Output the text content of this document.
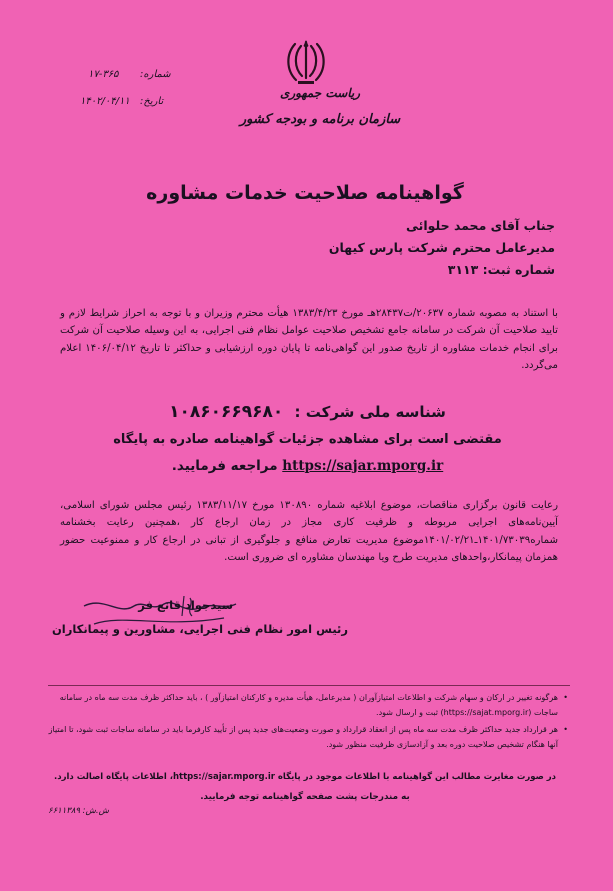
ریاست جمهوری
سازمان برنامه و بودجه کشور
شماره:
۱۷-۳۶۵
تاریخ:
۱۴۰۲/۰۴/۱۱
گواهینامه صلاحیت خدمات مشاوره
جناب آقای محمد حلوائی
مدیرعامل محترم شرکت پارس کیهان
شماره ثبت: ۳۱۱۳
با استناد به مصوبه شماره ۲۰۶۳۷/ت۲۸۴۳۷هـ مورخ ۱۳۸۳/۴/۲۳ هیأت محترم وزیران و با توجه به احراز شرایط لازم و تایید صلاحیت آن شرکت در سامانه جامع تشخیص صلاحیت عوامل نظام فنی اجرایی، به این وسیله صلاحیت آن شرکت برای انجام خدمات مشاوره از تاریخ صدور این گواهی‌نامه تا پایان دوره ارزشیابی و حداکثر تا تاریخ ۱۴۰۶/۰۴/۱۲ اعلام می‌گردد.
شناسه ملی شرکت : ۱۰۸۶۰۶۶۹۶۸۰
مقتضی است برای مشاهده جزئیات گواهینامه صادره به پایگاه
https://sajar.mporg.ir مراجعه فرمایید.
رعایت قانون برگزاری مناقصات، موضوع ابلاغیه شماره ۱۳۰۸۹۰ مورخ ۱۳۸۳/۱۱/۱۷ رئیس مجلس شورای اسلامی، آیین‌نامه‌های اجرایی مربوطه و ظرفیت کاری مجاز در زمان ارجاع کار ،همچنین رعایت بخشنامه شماره۱۴۰۱/۷۳۰۳۹ـ۱۴۰۱/۰۲/۲۱موضوع مدیریت تعارض منافع و جلوگیری از تبانی در ارجاع کار و ممنوعیت حضور همزمان پیمانکار،واحدهای مدیریت طرح ویا مهندسان مشاوره ای ضروری است.
سیدجواد قانع فر
رئیس امور نظام فنی اجرایی، مشاورین و پیمانکاران
•
هرگونه تغییر در ارکان و سهام شرکت و اطلاعات امتیازآوران ( مدیرعامل، هیأت مدیره و کارکنان امتیازآور ) ، باید حداکثر ظرف مدت سه ماه در سامانه ساجات (https://sajat.mporg.ir) ثبت و ارسال شود.
•
هر قرارداد جدید حداکثر ظرف مدت سه ماه پس از انعقاد قرارداد و صورت وضعیت‌های جدید پس از تأیید کارفرما باید در سامانه ساجات ثبت شود، تا امتیاز آنها هنگام تشخیص صلاحیت دوره بعد و آزادسازی ظرفیت منظور شود.
در صورت مغایرت مطالب این گواهینامه با اطلاعات موجود در پایگاه https://sajar.mporg.ir، اطلاعات پایگاه اصالت دارد.
به مندرجات پشت صفحه گواهینامه توجه فرمایید.
ش.ش: ۶۶۱۱۳۸۹
